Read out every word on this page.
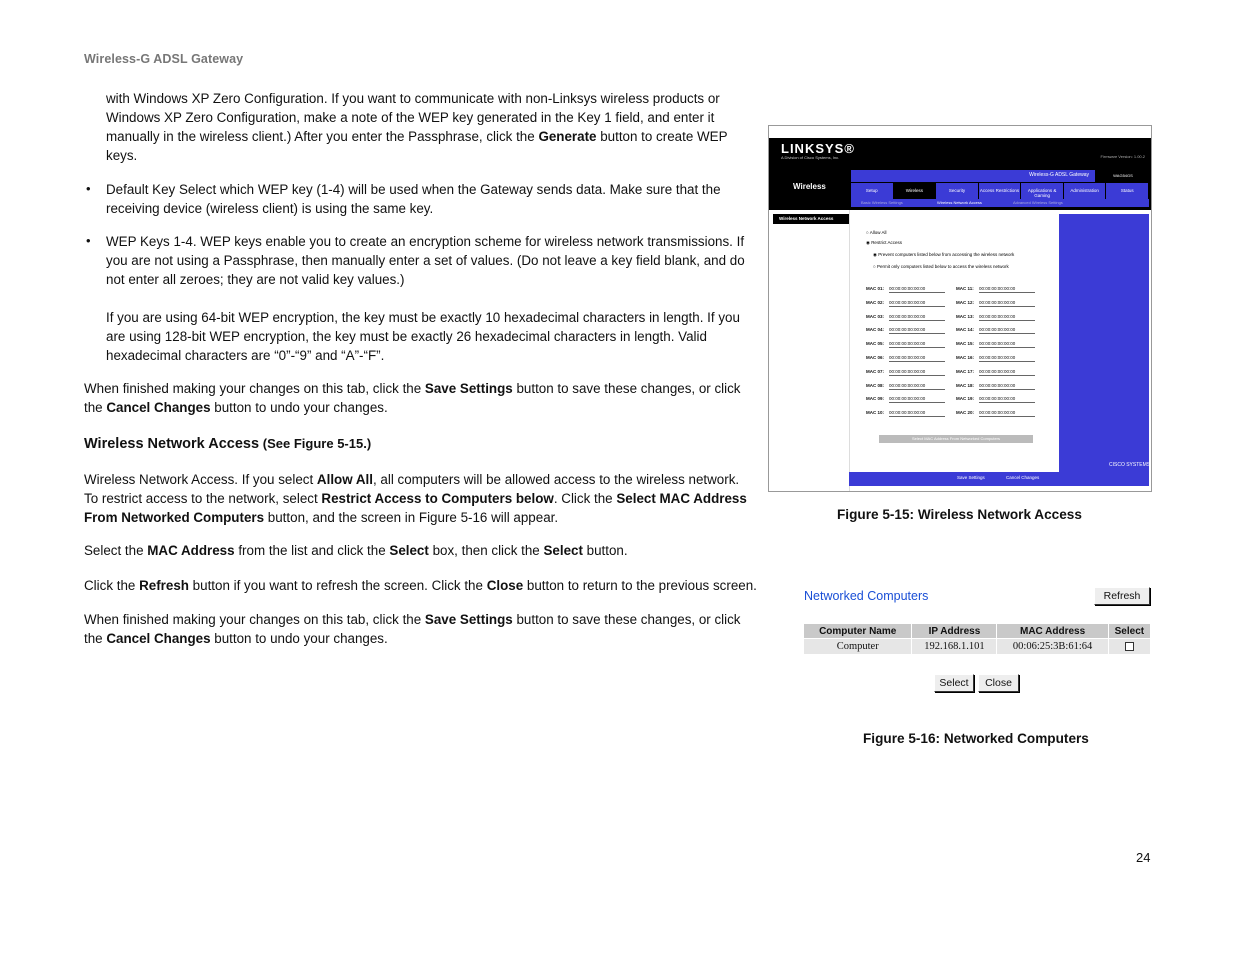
Wireless-G ADSL Gateway
with Windows XP Zero Configuration. If you want to communicate with non-Linksys wireless products or
Windows XP Zero Configuration, make a note of the WEP key generated in the Key 1 field, and enter it
manually in the wireless client.) After you enter the Passphrase, click the Generate button to create WEP
keys.
• Default Key Select which WEP key (1-4) will be used when the Gateway sends data. Make sure that the
receiving device (wireless client) is using the same key.
• WEP Keys 1-4. WEP keys enable you to create an encryption scheme for wireless network transmissions. If
you are not using a Passphrase, then manually enter a set of values. (Do not leave a key field blank, and do
not enter all zeroes; they are not valid key values.)
If you are using 64-bit WEP encryption, the key must be exactly 10 hexadecimal characters in length. If you
are using 128-bit WEP encryption, the key must be exactly 26 hexadecimal characters in length. Valid
hexadecimal characters are “0”-“9” and “A”-“F”.
When finished making your changes on this tab, click the Save Settings button to save these changes, or click
the Cancel Changes button to undo your changes.
Wireless Network Access (See Figure 5-15.)
Wireless Network Access. If you select Allow All, all computers will be allowed access to the wireless network.
To restrict access to the network, select Restrict Access to Computers below. Click the Select MAC Address
From Networked Computers button, and the screen in Figure 5-16 will appear.
Select the MAC Address from the list and click the Select box, then click the Select button.
Click the Refresh button if you want to refresh the screen. Click the Close button to return to the previous screen.
When finished making your changes on this tab, click the Save Settings button to save these changes, or click
the Cancel Changes button to undo your changes.
LINKSYS®
A Division of Cisco Systems, Inc.	Firmware Version: 1.00.2
Wireless
Wireless-G ADSL Gateway	WAG54GS
Setup	Wireless	Security	Access Restrictions	Applications & Gaming
Administration	Status
Basic Wireless Settings	Wireless Network Access	Advanced Wireless Settings
Wireless Network Access
CISCO SYSTEMS
○ Allow All
◉ Restrict Access
◉ Prevent computers listed below from accessing the wireless network
○ Permit only computers listed below to access the wireless network
MAC 01: 00:00:00:00:00:00	MAC 11: 00:00:00:00:00:00
MAC 02: 00:00:00:00:00:00	MAC 12: 00:00:00:00:00:00
MAC 03: 00:00:00:00:00:00	MAC 13: 00:00:00:00:00:00
MAC 04: 00:00:00:00:00:00	MAC 14: 00:00:00:00:00:00
MAC 05: 00:00:00:00:00:00	MAC 15: 00:00:00:00:00:00
MAC 06: 00:00:00:00:00:00	MAC 16: 00:00:00:00:00:00
MAC 07: 00:00:00:00:00:00	MAC 17: 00:00:00:00:00:00
MAC 08: 00:00:00:00:00:00	MAC 18: 00:00:00:00:00:00
MAC 09: 00:00:00:00:00:00	MAC 19: 00:00:00:00:00:00
MAC 10: 00:00:00:00:00:00	MAC 20: 00:00:00:00:00:00
Select MAC Address From Networked Computers
Save Settings	Cancel Changes
Figure 5-15: Wireless Network Access
Networked Computers	Refresh
Computer Name	IP Address	MAC Address	Select
Computer	192.168.1.101	00:06:25:3B:61:64	
Select	Close
Figure 5-16: Networked Computers
24
